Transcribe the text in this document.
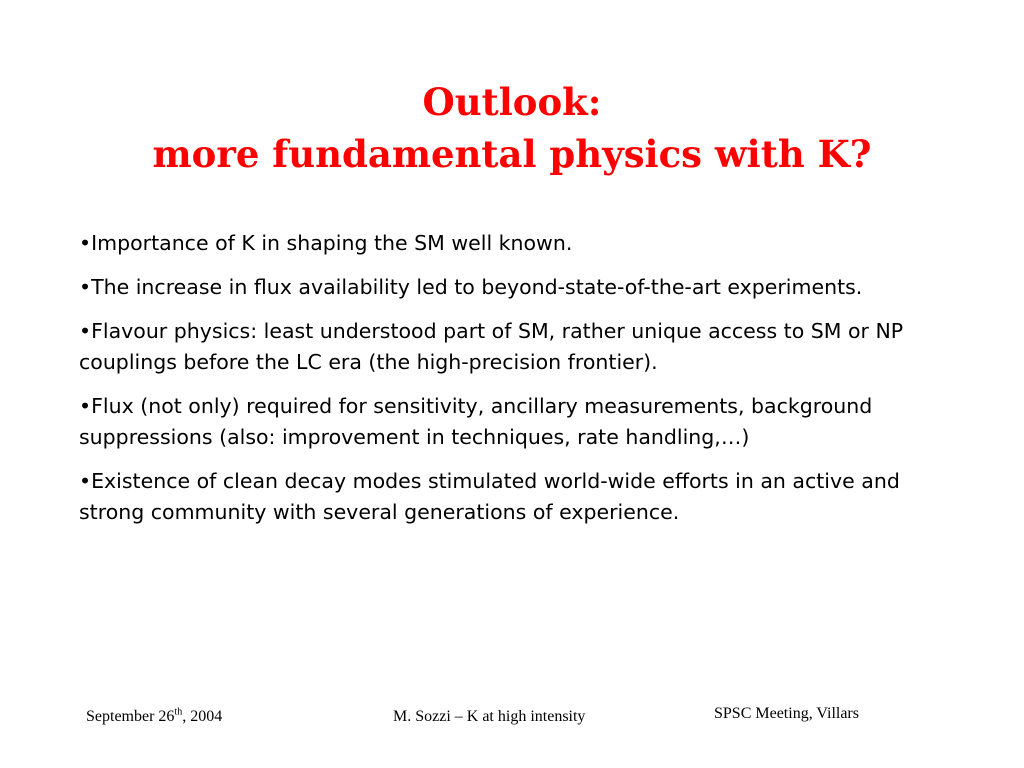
Outlook:
more fundamental physics with K?
•Importance of K in shaping the SM well known.
•The increase in flux availability led to beyond-state-of-the-art experiments.
•Flavour physics: least understood part of SM, rather unique access to SM or NP couplings before the LC era (the high-precision frontier).
•Flux (not only) required for sensitivity, ancillary measurements, background suppressions (also: improvement in techniques, rate handling,…)
•Existence of clean decay modes stimulated world-wide efforts in an active and strong community with several generations of experience.
September 26th, 2004	M. Sozzi – K at high intensity	SPSC Meeting, Villars
